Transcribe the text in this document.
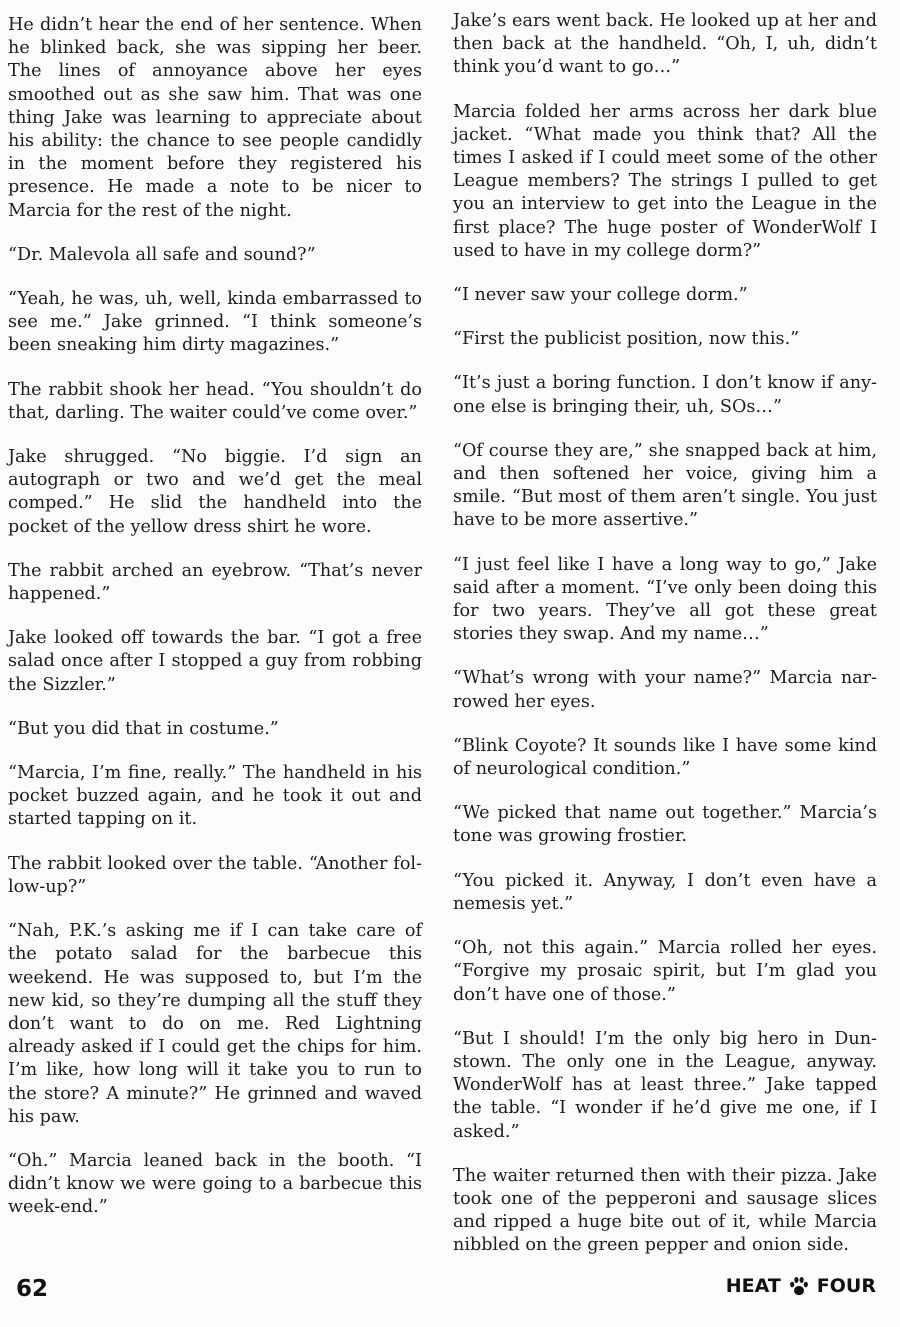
He didn’t hear the end of her sentence. When he blinked back, she was sipping her beer. The lines of annoyance above her eyes smoothed out as she saw him. That was one thing Jake was learning to appreciate about his ability: the chance to see people candidly in the moment before they registered his presence. He made a note to be nicer to Marcia for the rest of the night.

“Dr. Malevola all safe and sound?”

“Yeah, he was, uh, well, kinda embarrassed to see me.” Jake grinned. “I think someone’s been sneaking him dirty magazines.”

The rabbit shook her head. “You shouldn’t do that, darling. The waiter could’ve come over.”

Jake shrugged. “No biggie. I’d sign an autograph or two and we’d get the meal comped.” He slid the handheld into the pocket of the yellow dress shirt he wore.

The rabbit arched an eyebrow. “That’s never happened.”

Jake looked off towards the bar. “I got a free salad once after I stopped a guy from robbing the Sizzler.”

“But you did that in costume.”

“Marcia, I’m fine, really.” The handheld in his pocket buzzed again, and he took it out and started tapping on it.

The rabbit looked over the table. “Another fol-low-up?”

“Nah, P.K.’s asking me if I can take care of the potato salad for the barbecue this weekend. He was supposed to, but I’m the new kid, so they’re dumping all the stuff they don’t want to do on me. Red Lightning already asked if I could get the chips for him. I’m like, how long will it take you to run to the store? A minute?” He grinned and waved his paw.

“Oh.” Marcia leaned back in the booth. “I didn’t know we were going to a barbecue this week-end.”

Jake’s ears went back. He looked up at her and then back at the handheld. “Oh, I, uh, didn’t think you’d want to go…”

Marcia folded her arms across her dark blue jacket. “What made you think that? All the times I asked if I could meet some of the other League members? The strings I pulled to get you an interview to get into the League in the first place? The huge poster of WonderWolf I used to have in my college dorm?”

“I never saw your college dorm.”

“First the publicist position, now this.”

“It’s just a boring function. I don’t know if any-one else is bringing their, uh, SOs…”

“Of course they are,” she snapped back at him, and then softened her voice, giving him a smile. “But most of them aren’t single. You just have to be more assertive.”

“I just feel like I have a long way to go,” Jake said after a moment. “I’ve only been doing this for two years. They’ve all got these great stories they swap. And my name…”

“What’s wrong with your name?” Marcia nar-rowed her eyes.

“Blink Coyote? It sounds like I have some kind of neurological condition.”

“We picked that name out together.” Marcia’s tone was growing frostier.

“You picked it. Anyway, I don’t even have a nemesis yet.”

“Oh, not this again.” Marcia rolled her eyes. “Forgive my prosaic spirit, but I’m glad you don’t have one of those.”

“But I should! I’m the only big hero in Dun-stown. The only one in the League, anyway. WonderWolf has at least three.” Jake tapped the table. “I wonder if he’d give me one, if I asked.”

The waiter returned then with their pizza. Jake took one of the pepperoni and sausage slices and ripped a huge bite out of it, while Marcia nibbled on the green pepper and onion side.

62	HEAT FOUR
